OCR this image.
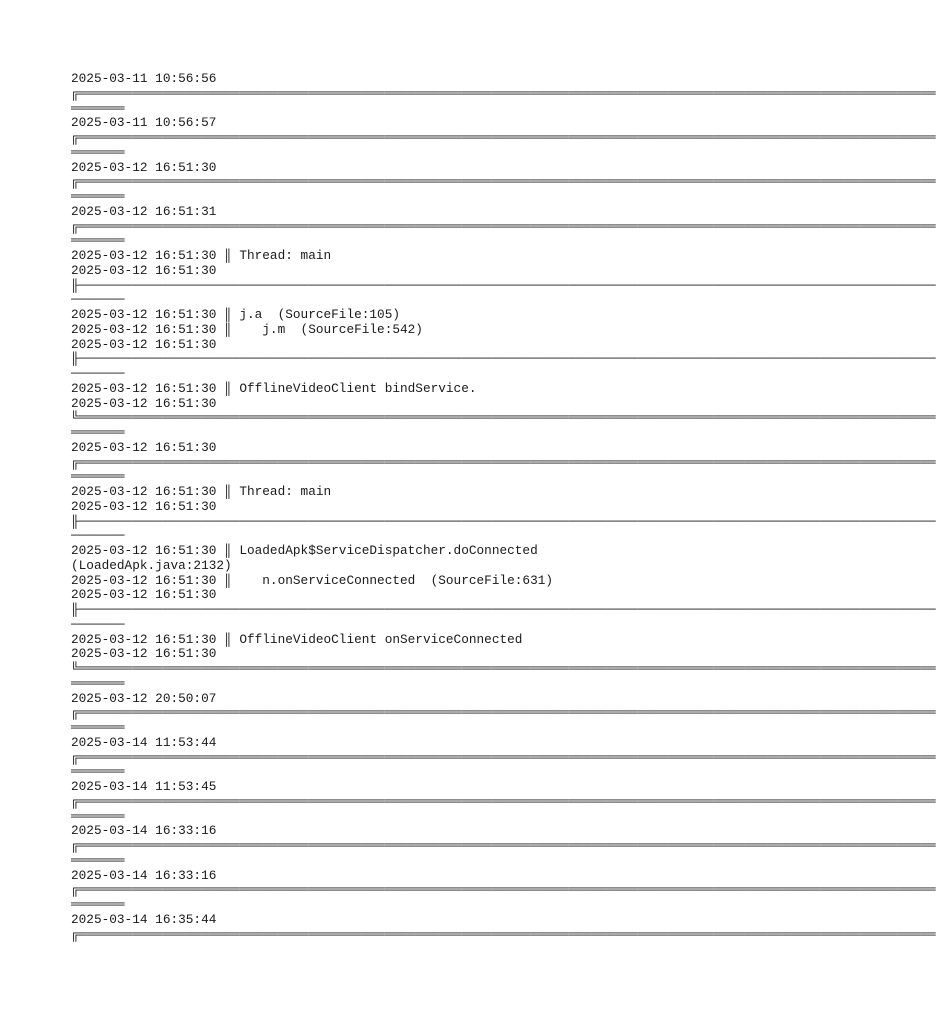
2025-03-11 10:56:56
╔════════════════════════════════════════════════════════════════════════════════════════════════════════════════
═══════
2025-03-11 10:56:57
╔════════════════════════════════════════════════════════════════════════════════════════════════════════════════
═══════
2025-03-12 16:51:30
╔════════════════════════════════════════════════════════════════════════════════════════════════════════════════
═══════
2025-03-12 16:51:31
╔════════════════════════════════════════════════════════════════════════════════════════════════════════════════
═══════
2025-03-12 16:51:30 ║ Thread: main
2025-03-12 16:51:30
╟────────────────────────────────────────────────────────────────────────────────────────────────────────────────
───────
2025-03-12 16:51:30 ║ j.a  (SourceFile:105)
2025-03-12 16:51:30 ║    j.m  (SourceFile:542)
2025-03-12 16:51:30
╟────────────────────────────────────────────────────────────────────────────────────────────────────────────────
───────
2025-03-12 16:51:30 ║ OfflineVideoClient bindService.
2025-03-12 16:51:30
╚════════════════════════════════════════════════════════════════════════════════════════════════════════════════
═══════
2025-03-12 16:51:30
╔════════════════════════════════════════════════════════════════════════════════════════════════════════════════
═══════
2025-03-12 16:51:30 ║ Thread: main
2025-03-12 16:51:30
╟────────────────────────────────────────────────────────────────────────────────────────────────────────────────
───────
2025-03-12 16:51:30 ║ LoadedApk$ServiceDispatcher.doConnected
(LoadedApk.java:2132)
2025-03-12 16:51:30 ║    n.onServiceConnected  (SourceFile:631)
2025-03-12 16:51:30
╟────────────────────────────────────────────────────────────────────────────────────────────────────────────────
───────
2025-03-12 16:51:30 ║ OfflineVideoClient onServiceConnected
2025-03-12 16:51:30
╚════════════════════════════════════════════════════════════════════════════════════════════════════════════════
═══════
2025-03-12 20:50:07
╔════════════════════════════════════════════════════════════════════════════════════════════════════════════════
═══════
2025-03-14 11:53:44
╔════════════════════════════════════════════════════════════════════════════════════════════════════════════════
═══════
2025-03-14 11:53:45
╔════════════════════════════════════════════════════════════════════════════════════════════════════════════════
═══════
2025-03-14 16:33:16
╔════════════════════════════════════════════════════════════════════════════════════════════════════════════════
═══════
2025-03-14 16:33:16
╔════════════════════════════════════════════════════════════════════════════════════════════════════════════════
═══════
2025-03-14 16:35:44
╔════════════════════════════════════════════════════════════════════════════════════════════════════════════════
